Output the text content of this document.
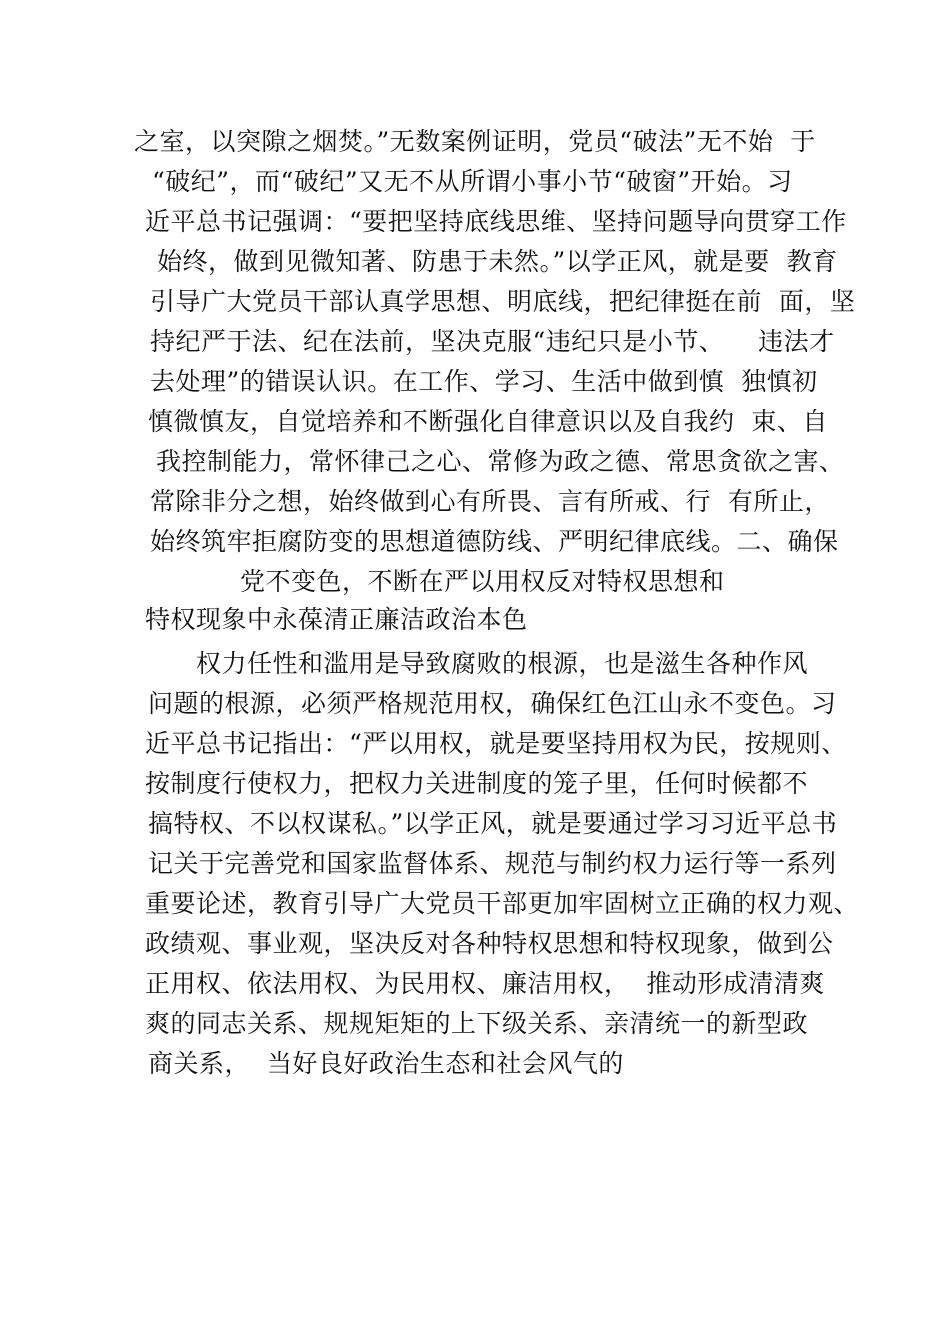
之室，以突隙之烟焚。”无数案例证明，党员“破法”无不始  于
“破纪”，而“破纪”又无不从所谓小事小节“破窗”开始。习
近平总书记强调：“要把坚持底线思维、坚持问题导向贯穿工作
始终，做到见微知著、防患于未然。”以学正风，就是要  教育
引导广大党员干部认真学思想、明底线，把纪律挺在前  面，坚
持纪严于法、纪在法前，坚决克服“违纪只是小节、    违法才
去处理”的错误认识。在工作、学习、生活中做到慎  独慎初
慎微慎友，自觉培养和不断强化自律意识以及自我约  束、自
我控制能力，常怀律己之心、常修为政之德、常思贪欲之害、
常除非分之想，始终做到心有所畏、言有所戒、行  有所止，
始终筑牢拒腐防变的思想道德防线、严明纪律底线。二、确保
党不变色，不断在严以用权反对特权思想和
特权现象中永葆清正廉洁政治本色
权力任性和滥用是导致腐败的根源，也是滋生各种作风
问题的根源，必须严格规范用权，确保红色江山永不变色。习
近平总书记指出：“严以用权，就是要坚持用权为民，按规则、
按制度行使权力，把权力关进制度的笼子里，任何时候都不
搞特权、不以权谋私。”以学正风，就是要通过学习习近平总书
记关于完善党和国家监督体系、规范与制约权力运行等一系列
重要论述，教育引导广大党员干部更加牢固树立正确的权力观、
政绩观、事业观，坚决反对各种特权思想和特权现象，做到公
正用权、依法用权、为民用权、廉洁用权，  推动形成清清爽
爽的同志关系、规规矩矩的上下级关系、亲清统一的新型政
商关系，  当好良好政治生态和社会风气的
